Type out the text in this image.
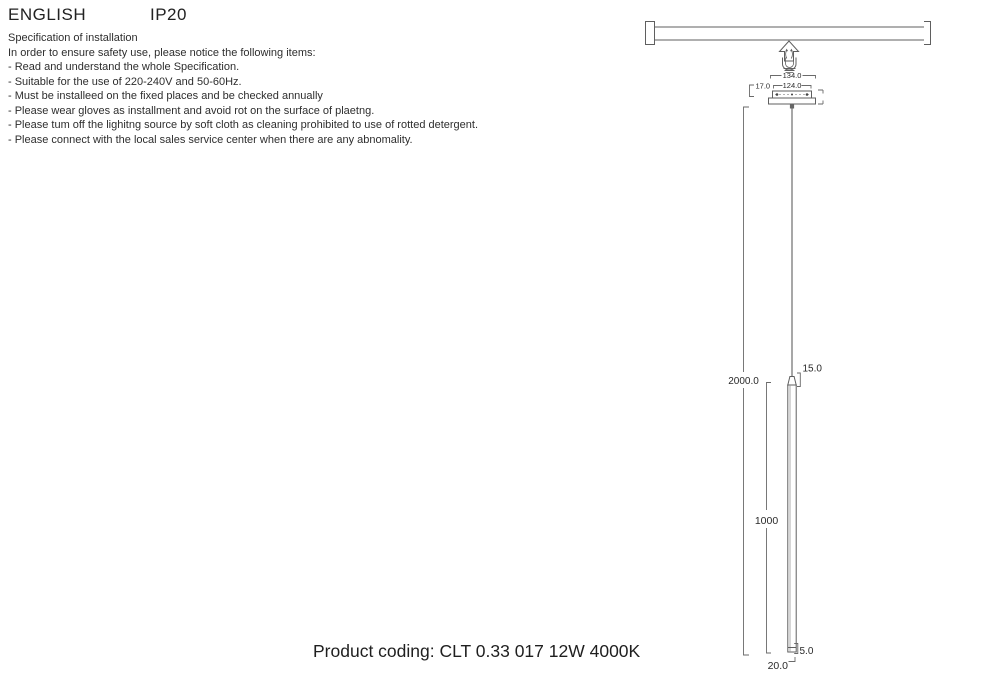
ENGLISH	IP20
Specification of installation
In order to ensure safety use, please notice the following items:
- Read and understand the whole Specification.
- Suitable for the use of 220-240V and 50-60Hz.
- Must be installeed on the fixed places and be checked annually
- Please wear gloves as installment and avoid rot on the surface of plaetng.
- Please tum off the lighitng source by soft cloth as cleaning prohibited to use of rotted detergent.
- Please connect with the local sales service center when there are any abnomality.
134.0
124.0
17.0
2000.0
1000
15.0
5.0
20.0
Product coding: CLT 0.33 017 12W 4000K
